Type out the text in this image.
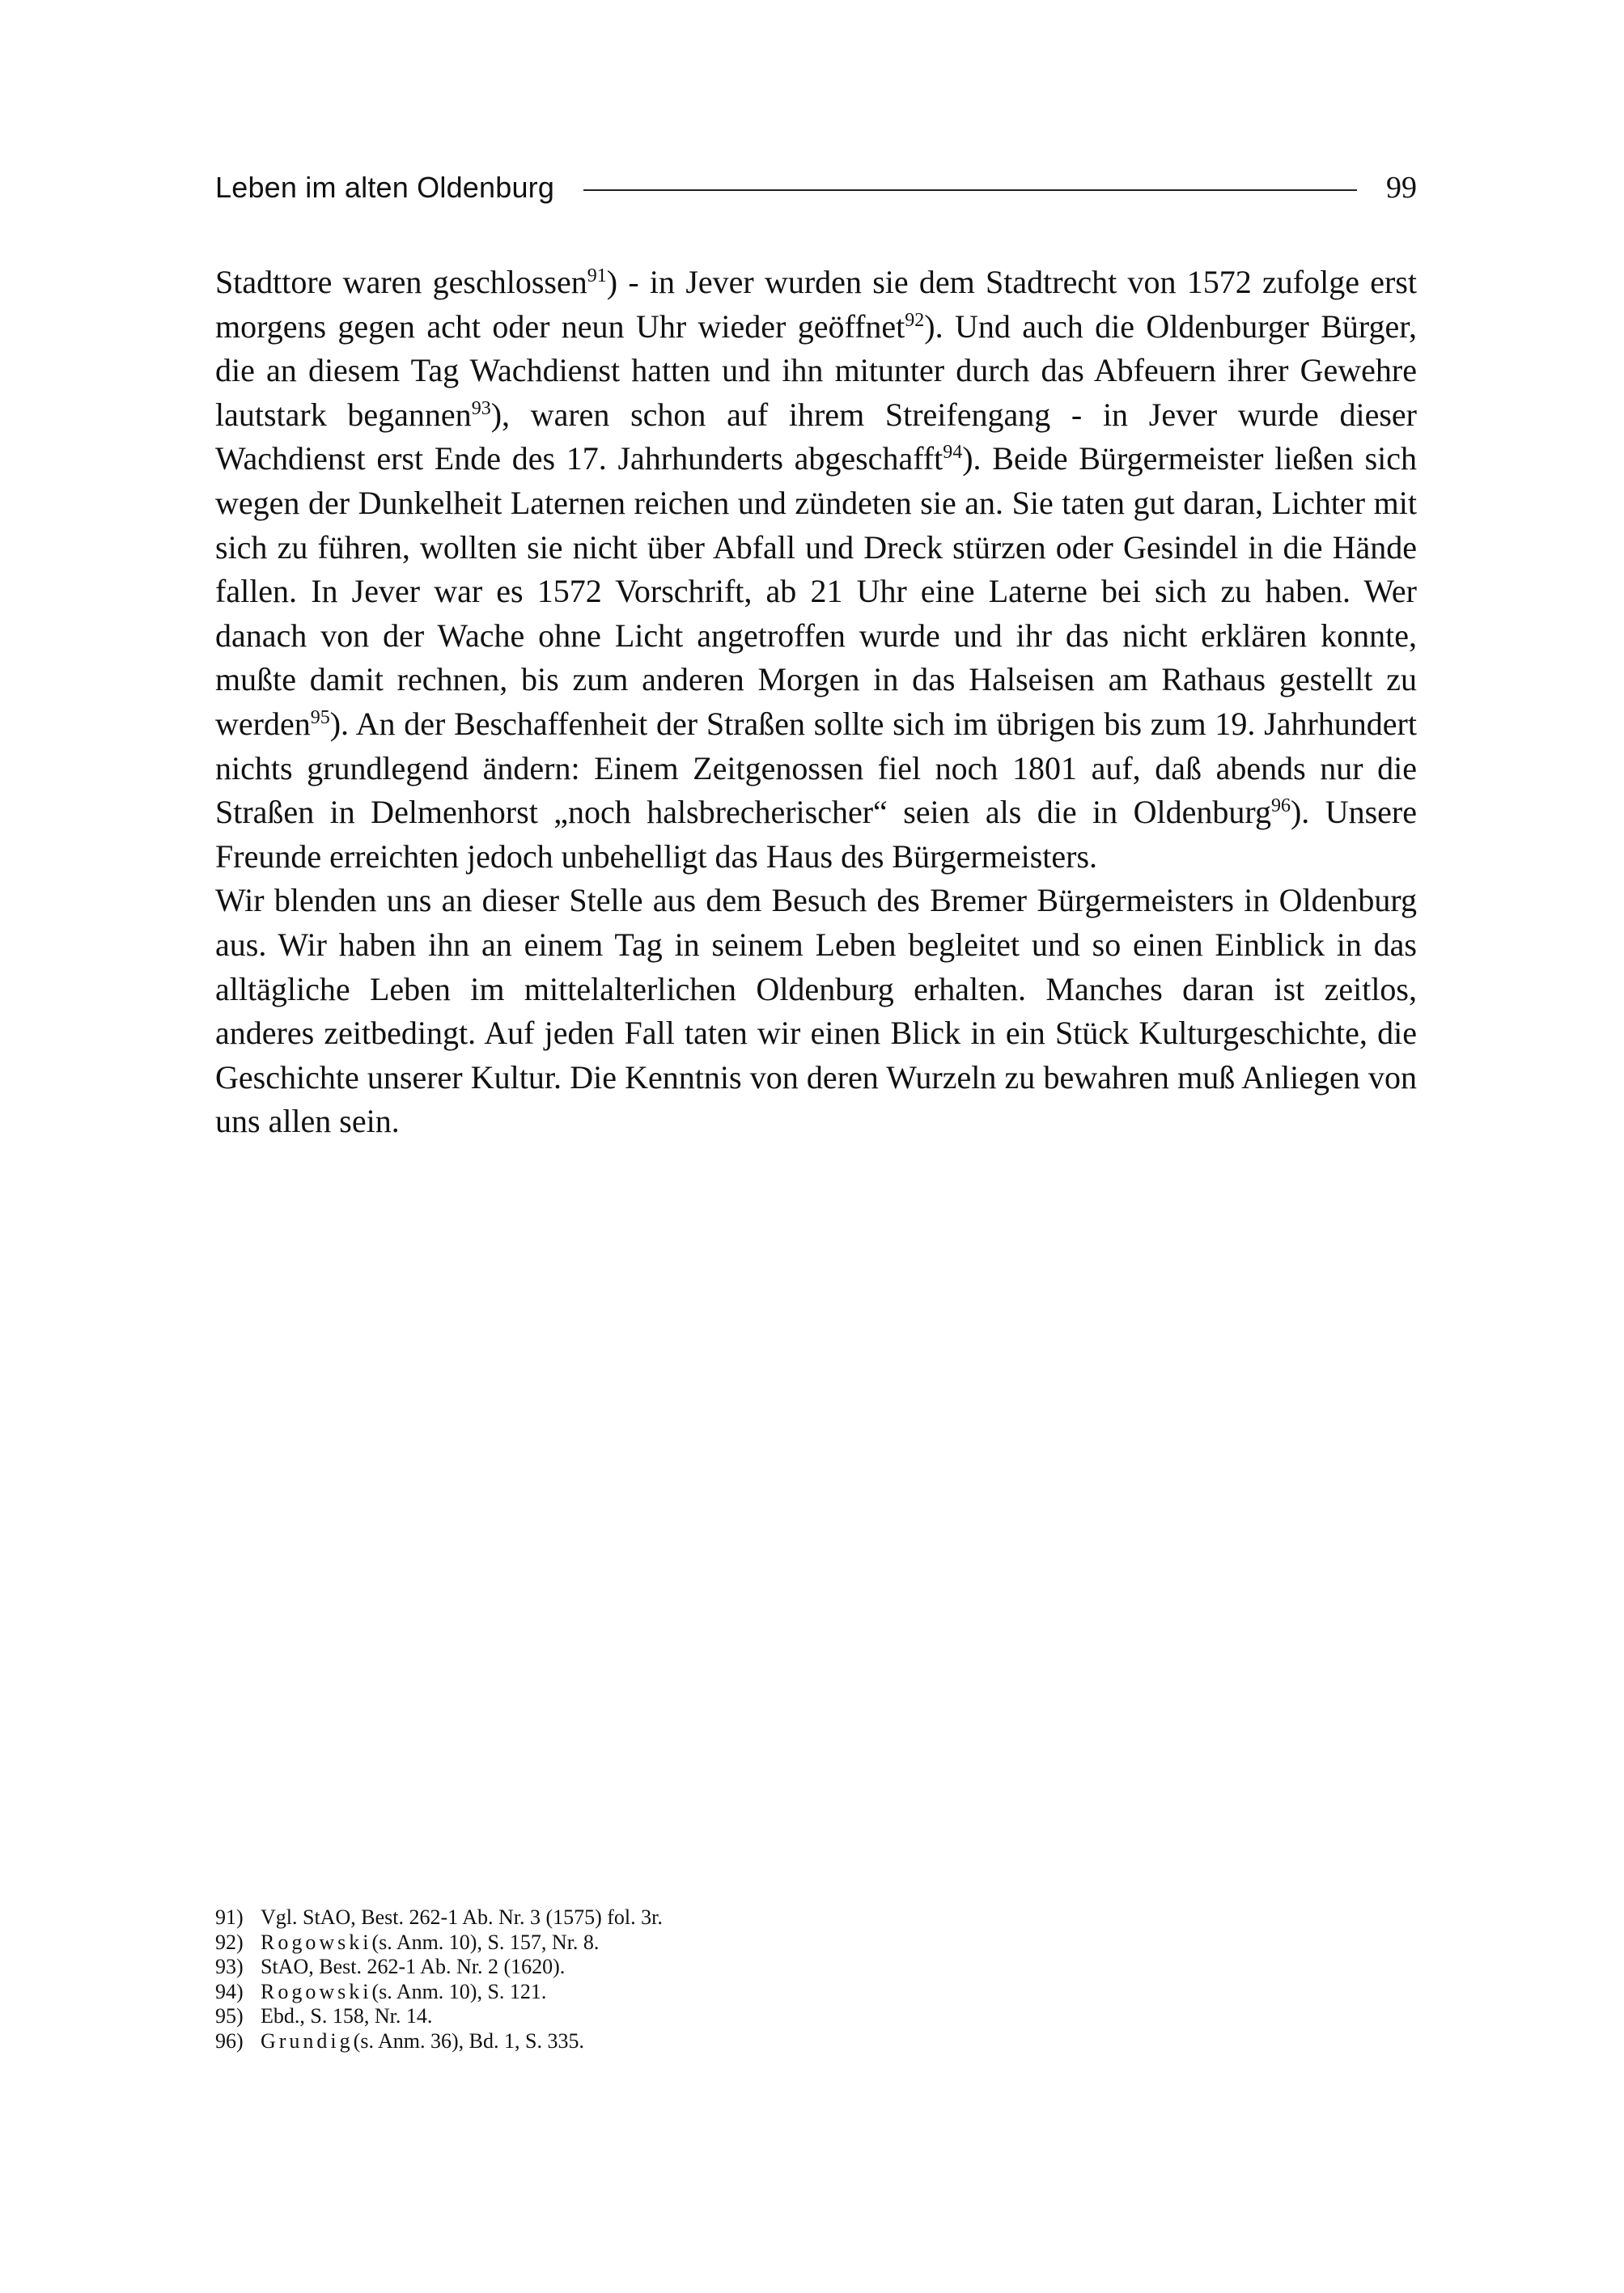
Leben im alten Oldenburg	99

Stadttore waren geschlossen$^{91}$) - in Jever wurden sie dem Stadtrecht von 1572 zufolge erst morgens gegen acht oder neun Uhr wieder geöffnet$^{92}$). Und auch die Oldenburger Bürger, die an diesem Tag Wachdienst hatten und ihn mitunter durch das Abfeuern ihrer Gewehre lautstark begannen$^{93}$), waren schon auf ihrem Streifengang - in Jever wurde dieser Wachdienst erst Ende des 17. Jahrhunderts abgeschafft$^{94}$). Beide Bürgermeister ließen sich wegen der Dunkelheit Laternen reichen und zündeten sie an. Sie taten gut daran, Lichter mit sich zu führen, wollten sie nicht über Abfall und Dreck stürzen oder Gesindel in die Hände fallen. In Jever war es 1572 Vorschrift, ab 21 Uhr eine Laterne bei sich zu haben. Wer danach von der Wache ohne Licht angetroffen wurde und ihr das nicht erklären konnte, mußte damit rechnen, bis zum anderen Morgen in das Halseisen am Rathaus gestellt zu werden$^{95}$). An der Beschaffenheit der Straßen sollte sich im übrigen bis zum 19. Jahrhundert nichts grundlegend ändern: Einem Zeitgenossen fiel noch 1801 auf, daß abends nur die Straßen in Delmenhorst „noch halsbrecherischer“ seien als die in Oldenburg$^{96}$). Unsere Freunde erreichten jedoch unbehelligt das Haus des Bürgermeisters.

Wir blenden uns an dieser Stelle aus dem Besuch des Bremer Bürgermeisters in Oldenburg aus. Wir haben ihn an einem Tag in seinem Leben begleitet und so einen Einblick in das alltägliche Leben im mittelalterlichen Oldenburg erhalten. Manches daran ist zeitlos, anderes zeitbedingt. Auf jeden Fall taten wir einen Blick in ein Stück Kulturgeschichte, die Geschichte unserer Kultur. Die Kenntnis von deren Wurzeln zu bewahren muß Anliegen von uns allen sein.

91) Vgl. StAO, Best. 262-1 Ab. Nr. 3 (1575) fol. 3r.
92) Rogowski (s. Anm. 10), S. 157, Nr. 8.
93) StAO, Best. 262-1 Ab. Nr. 2 (1620).
94) Rogowski (s. Anm. 10), S. 121.
95) Ebd., S. 158, Nr. 14.
96) Grundig (s. Anm. 36), Bd. 1, S. 335.
